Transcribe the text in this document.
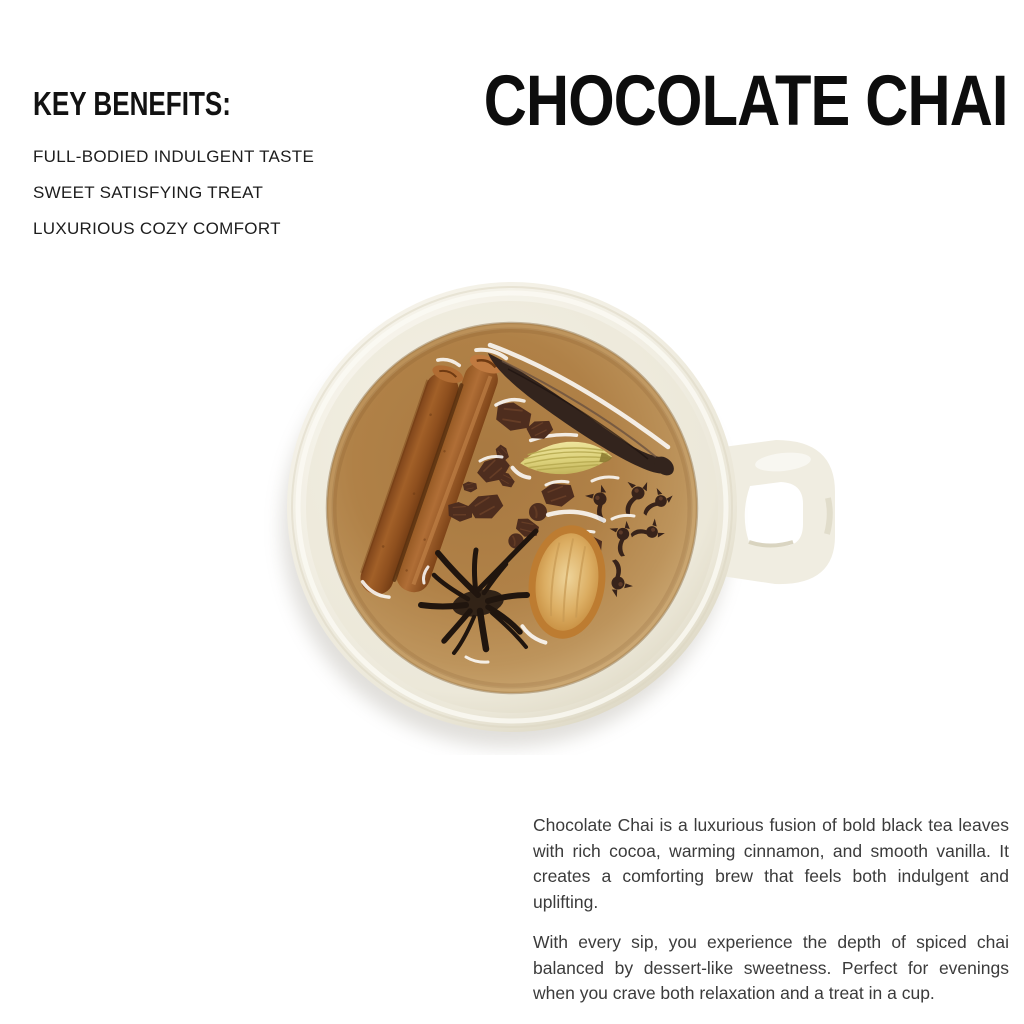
CHOCOLATE CHAI
KEY BENEFITS:
FULL-BODIED INDULGENT TASTE
SWEET SATISFYING TREAT
LUXURIOUS COZY COMFORT

Chocolate Chai is a luxurious fusion of bold black tea leaves with rich cocoa, warming cinnamon, and smooth vanilla. It creates a comforting brew that feels both indulgent and uplifting.

With every sip, you experience the depth of spiced chai balanced by dessert-like sweetness. Perfect for evenings when you crave both relaxation and a treat in a cup.
